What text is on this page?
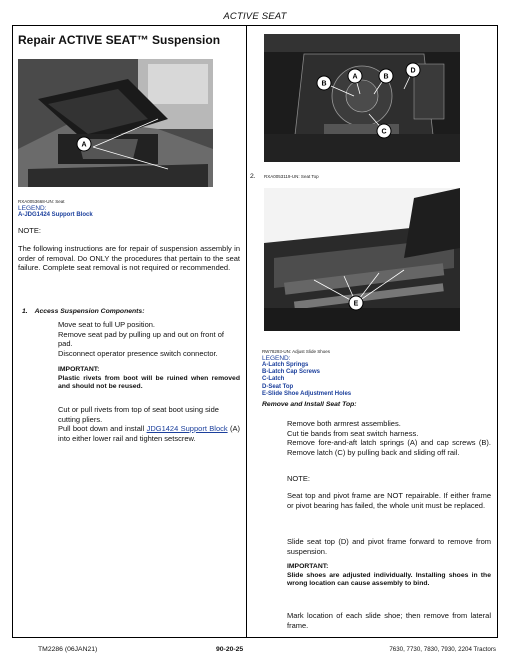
ACTIVE SEAT
Repair ACTIVE SEAT™ Suspension
A
RXA0053668-UN: Seat
LEGEND:
A-JDG1424 Support Block
NOTE:
The following instructions are for repair of suspension assembly in order of removal. Do ONLY the procedures that pertain to the seat failure. Complete seat removal is not required or recommended.
1. Access Suspension Components:
Move seat to full UP position.
Remove seat pad by pulling up and out on front of pad.
Disconnect operator presence switch connector.
IMPORTANT:
Plastic rivets from boot will be ruined when removed and should not be reused.
Cut or pull rivets from top of seat boot using side cutting pliers.
Pull boot down and install JDG1424 Support Block (A) into either lower rail and tighten setscrew.
B
A	B
D
C
2. RXA0053119-UN: Seat Top
E
RW78293-UN: Adjust Slide Shoes
LEGEND:
A-Latch Springs
B-Latch Cap Screws
C-Latch
D-Seat Top
E-Slide Shoe Adjustment Holes
Remove and Install Seat Top:
Remove both armrest assemblies.
Cut tie bands from seat switch harness.
Remove fore-and-aft latch springs (A) and cap screws (B). Remove latch (C) by pulling back and sliding off rail.
NOTE:
Seat top and pivot frame are NOT repairable. If either frame or pivot bearing has failed, the whole unit must be replaced.
Slide seat top (D) and pivot frame forward to remove from suspension.
IMPORTANT:
Slide shoes are adjusted individually. Installing shoes in the wrong location can cause assembly to bind.
Mark location of each slide shoe; then remove from lateral frame.
TM2286 (06JAN21)	90-20-25	7630, 7730, 7830, 7930, 2204 Tractors
